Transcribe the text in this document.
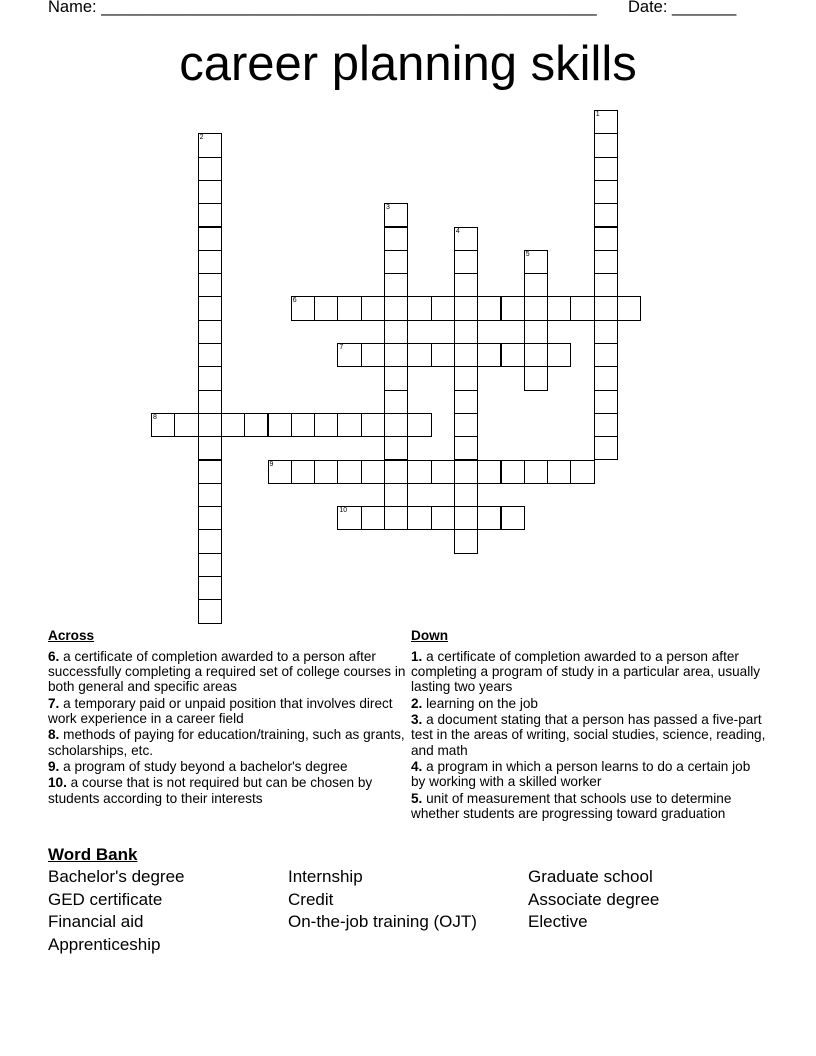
Name: ______________________________________________________ Date: _______
career planning skills
1
2
3
4
5
6
7
8
9
10
Across
6. a certificate of completion awarded to a person after successfully completing a required set of college courses in both general and specific areas
7. a temporary paid or unpaid position that involves direct work experience in a career field
8. methods of paying for education/training, such as grants, scholarships, etc.
9. a program of study beyond a bachelor's degree
10. a course that is not required but can be chosen by students according to their interests
Down
1. a certificate of completion awarded to a person after completing a program of study in a particular area, usually lasting two years
2. learning on the job
3. a document stating that a person has passed a five-part test in the areas of writing, social studies, science, reading, and math
4. a program in which a person learns to do a certain job by working with a skilled worker
5. unit of measurement that schools use to determine whether students are progressing toward graduation
Word Bank
Bachelor's degree	Internship	Graduate school
GED certificate	Credit	Associate degree
Financial aid	On-the-job training (OJT)	Elective
Apprenticeship
